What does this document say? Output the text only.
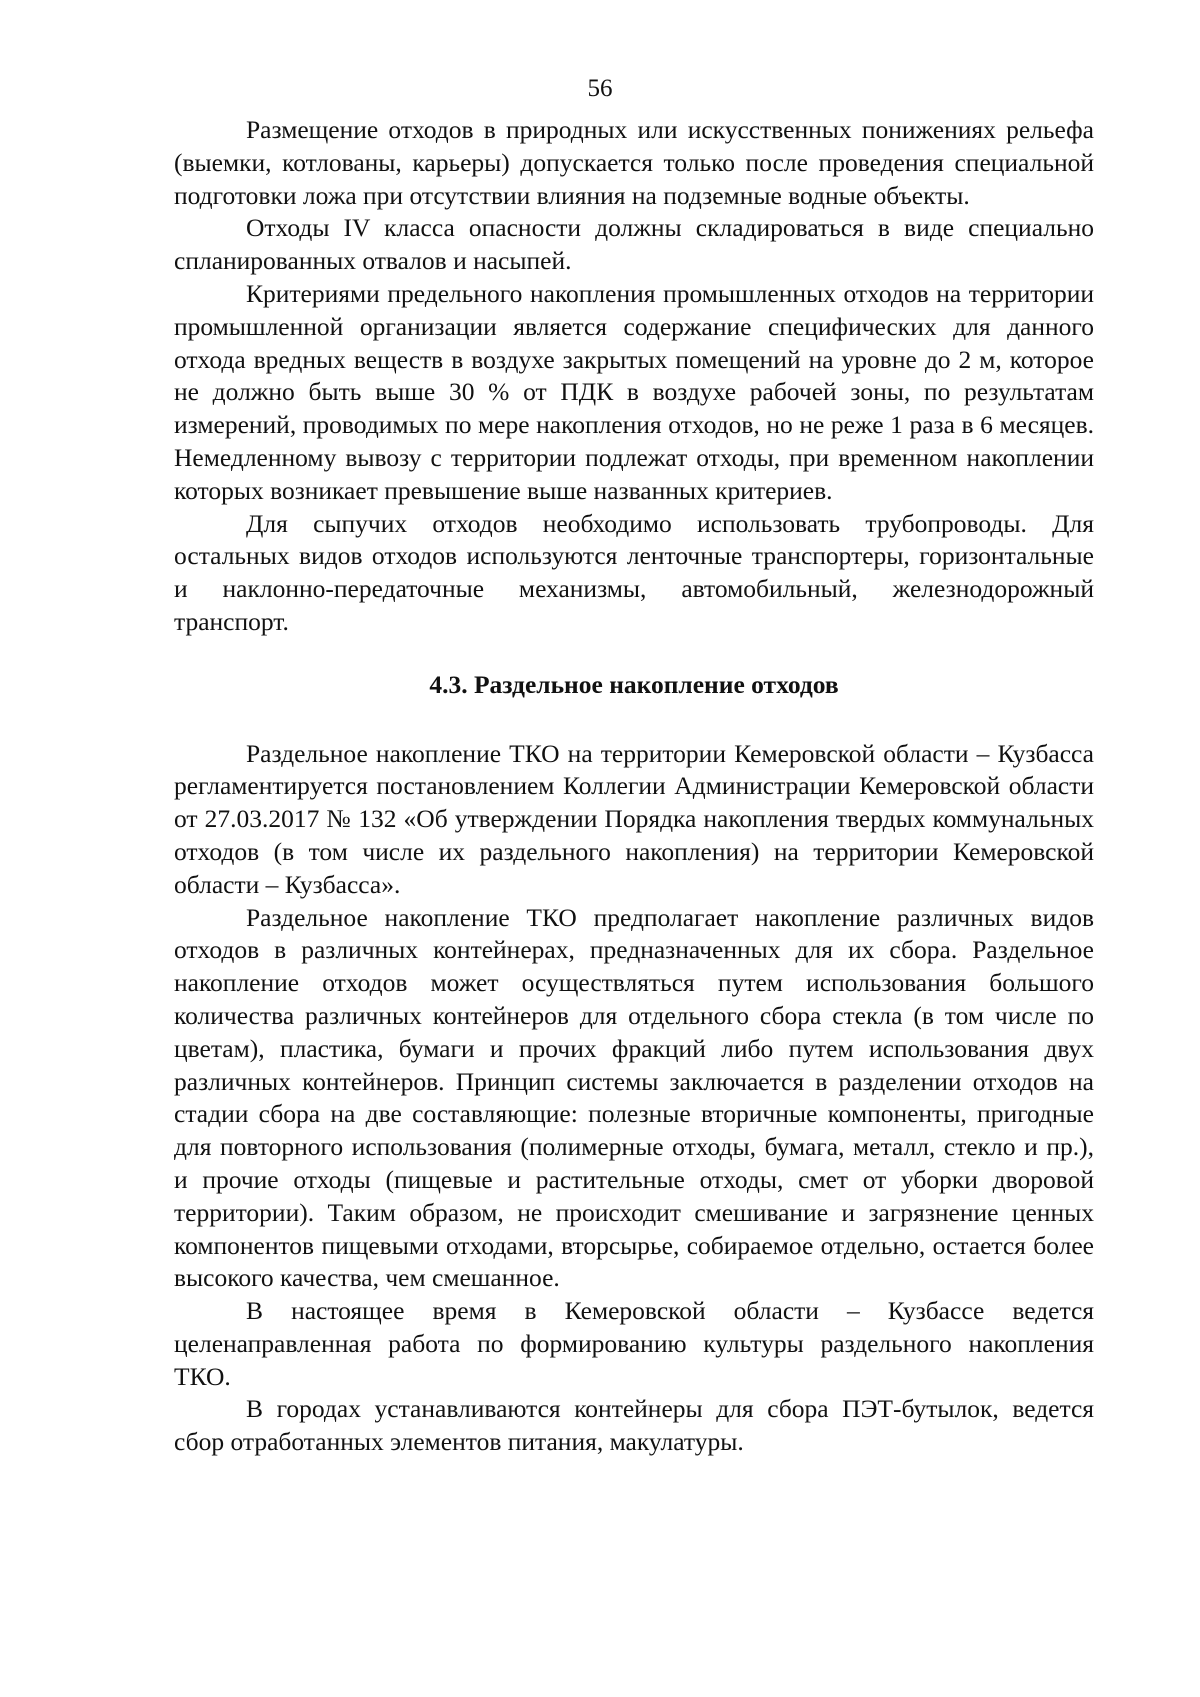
56

Размещение отходов в природных или искусственных понижениях рельефа (выемки, котлованы, карьеры) допускается только после проведения специальной подготовки ложа при отсутствии влияния на подземные водные объекты.

Отходы IV класса опасности должны складироваться в виде специально спланированных отвалов и насыпей.

Критериями предельного накопления промышленных отходов на территории промышленной организации является содержание специфических для данного отхода вредных веществ в воздухе закрытых помещений на уровне до 2 м, которое не должно быть выше 30 % от ПДК в воздухе рабочей зоны, по результатам измерений, проводимых по мере накопления отходов, но не реже 1 раза в 6 месяцев. Немедленному вывозу с территории подлежат отходы, при временном накоплении которых возникает превышение выше названных критериев.

Для сыпучих отходов необходимо использовать трубопроводы. Для остальных видов отходов используются ленточные транспортеры, горизонтальные и наклонно-передаточные механизмы, автомобильный, железнодорожный транспорт.

4.3. Раздельное накопление отходов

Раздельное накопление ТКО на территории Кемеровской области – Кузбасса регламентируется постановлением Коллегии Администрации Кемеровской области от 27.03.2017 № 132 «Об утверждении Порядка накопления твердых коммунальных отходов (в том числе их раздельного накопления) на территории Кемеровской области – Кузбасса».

Раздельное накопление ТКО предполагает накопление различных видов отходов в различных контейнерах, предназначенных для их сбора. Раздельное накопление отходов может осуществляться путем использования большого количества различных контейнеров для отдельного сбора стекла (в том числе по цветам), пластика, бумаги и прочих фракций либо путем использования двух различных контейнеров. Принцип системы заключается в разделении отходов на стадии сбора на две составляющие: полезные вторичные компоненты, пригодные для повторного использования (полимерные отходы, бумага, металл, стекло и пр.), и прочие отходы (пищевые и растительные отходы, смет от уборки дворовой территории). Таким образом, не происходит смешивание и загрязнение ценных компонентов пищевыми отходами, вторсырье, собираемое отдельно, остается более высокого качества, чем смешанное.

В настоящее время в Кемеровской области – Кузбассе ведется целенаправленная работа по формированию культуры раздельного накопления ТКО.

В городах устанавливаются контейнеры для сбора ПЭТ-бутылок, ведется сбор отработанных элементов питания, макулатуры.
